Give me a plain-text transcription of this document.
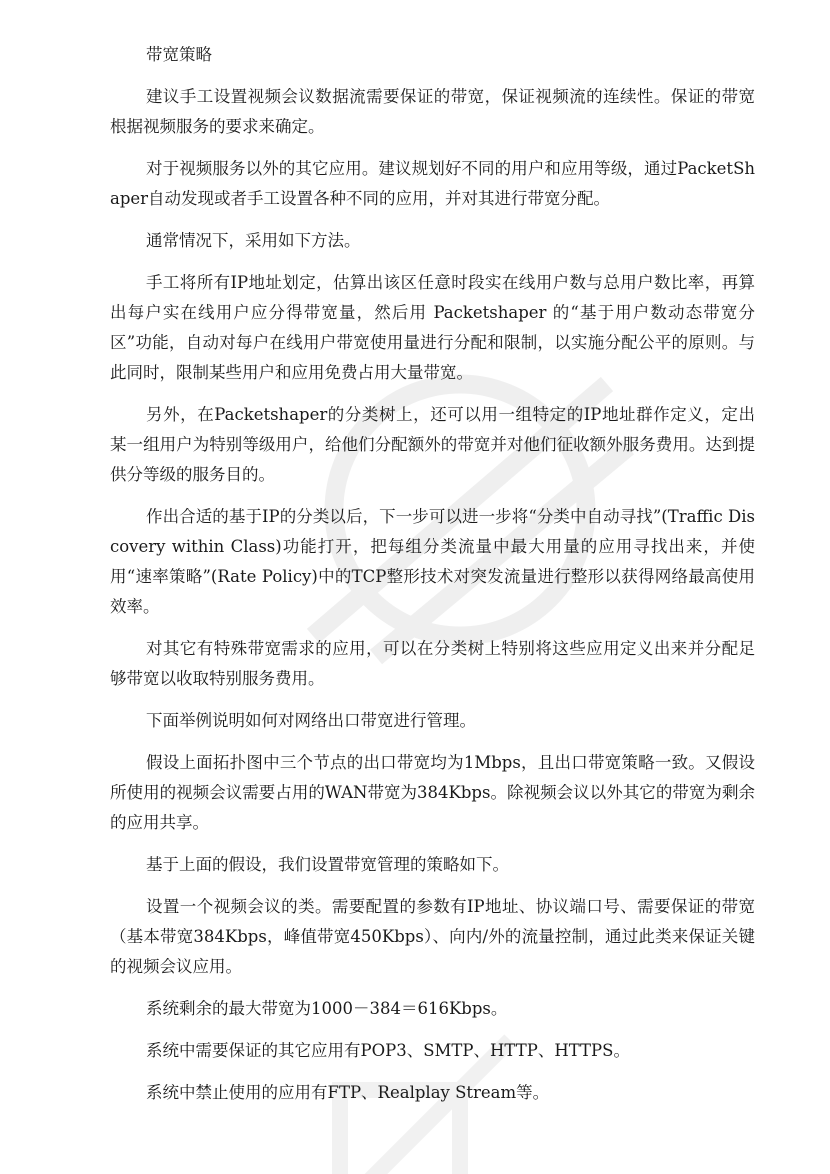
带宽策略

建议手工设置视频会议数据流需要保证的带宽，保证视频流的连续性。保证的带宽根据视频服务的要求来确定。

对于视频服务以外的其它应用。建议规划好不同的用户和应用等级，通过PacketShaper自动发现或者手工设置各种不同的应用，并对其进行带宽分配。

通常情况下，采用如下方法。

手工将所有IP地址划定，估算出该区任意时段实在线用户数与总用户数比率，再算出每户实在线用户应分得带宽量，然后用 Packetshaper 的“基于用户数动态带宽分区”功能，自动对每户在线用户带宽使用量进行分配和限制，以实施分配公平的原则。与此同时，限制某些用户和应用免费占用大量带宽。

另外，在Packetshaper的分类树上，还可以用一组特定的IP地址群作定义，定出某一组用户为特别等级用户，给他们分配额外的带宽并对他们征收额外服务费用。达到提供分等级的服务目的。

作出合适的基于IP的分类以后，下一步可以进一步将“分类中自动寻找”(Traffic Discovery within Class)功能打开，把每组分类流量中最大用量的应用寻找出来，并使用“速率策略”(Rate Policy)中的TCP整形技术对突发流量进行整形以获得网络最高使用效率。

对其它有特殊带宽需求的应用，可以在分类树上特别将这些应用定义出来并分配足够带宽以收取特别服务费用。

下面举例说明如何对网络出口带宽进行管理。

假设上面拓扑图中三个节点的出口带宽均为1Mbps，且出口带宽策略一致。又假设所使用的视频会议需要占用的WAN带宽为384Kbps。除视频会议以外其它的带宽为剩余的应用共享。

基于上面的假设，我们设置带宽管理的策略如下。

设置一个视频会议的类。需要配置的参数有IP地址、协议端口号、需要保证的带宽（基本带宽384Kbps，峰值带宽450Kbps）、向内/外的流量控制，通过此类来保证关键的视频会议应用。

系统剩余的最大带宽为1000－384＝616Kbps。

系统中需要保证的其它应用有POP3、SMTP、HTTP、HTTPS。

系统中禁止使用的应用有FTP、Realplay Stream等。
